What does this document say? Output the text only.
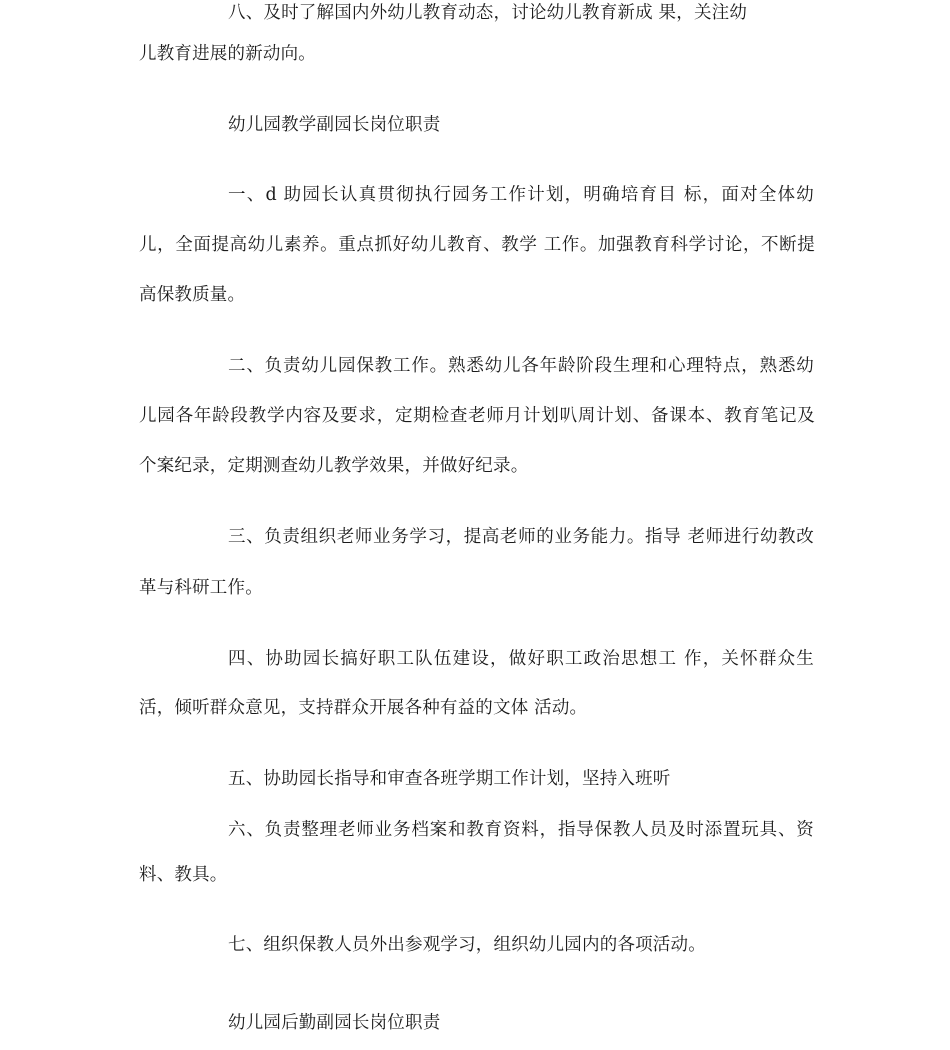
八、及时了解国内外幼儿教育动态，讨论幼儿教育新成 果，关注幼
儿教育进展的新动向。
幼儿园教学副园长岗位职责
一、d 助园长认真贯彻执行园务工作计划，明确培育目 标，面对全体幼
儿，全面提高幼儿素养。重点抓好幼儿教育、教学 工作。加强教育科学讨论，不断提
高保教质量。
二、负责幼儿园保教工作。熟悉幼儿各年龄阶段生理和心理特点，熟悉幼
儿园各年龄段教学内容及要求，定期检查老师月计划叭周计划、备课本、教育笔记及
个案纪录，定期测查幼儿教学效果，并做好纪录。
三、负责组织老师业务学习，提高老师的业务能力。指导 老师进行幼教改
革与科研工作。
四、协助园长搞好职工队伍建设，做好职工政治思想工 作，关怀群众生
活，倾听群众意见，支持群众开展各种有益的文体 活动。
五、协助园长指导和审查各班学期工作计划，坚持入班听
六、负责整理老师业务档案和教育资料，指导保教人员及时添置玩具、资
料、教具。
七、组织保教人员外出参观学习，组织幼儿园内的各项活动。
幼儿园后勤副园长岗位职责
